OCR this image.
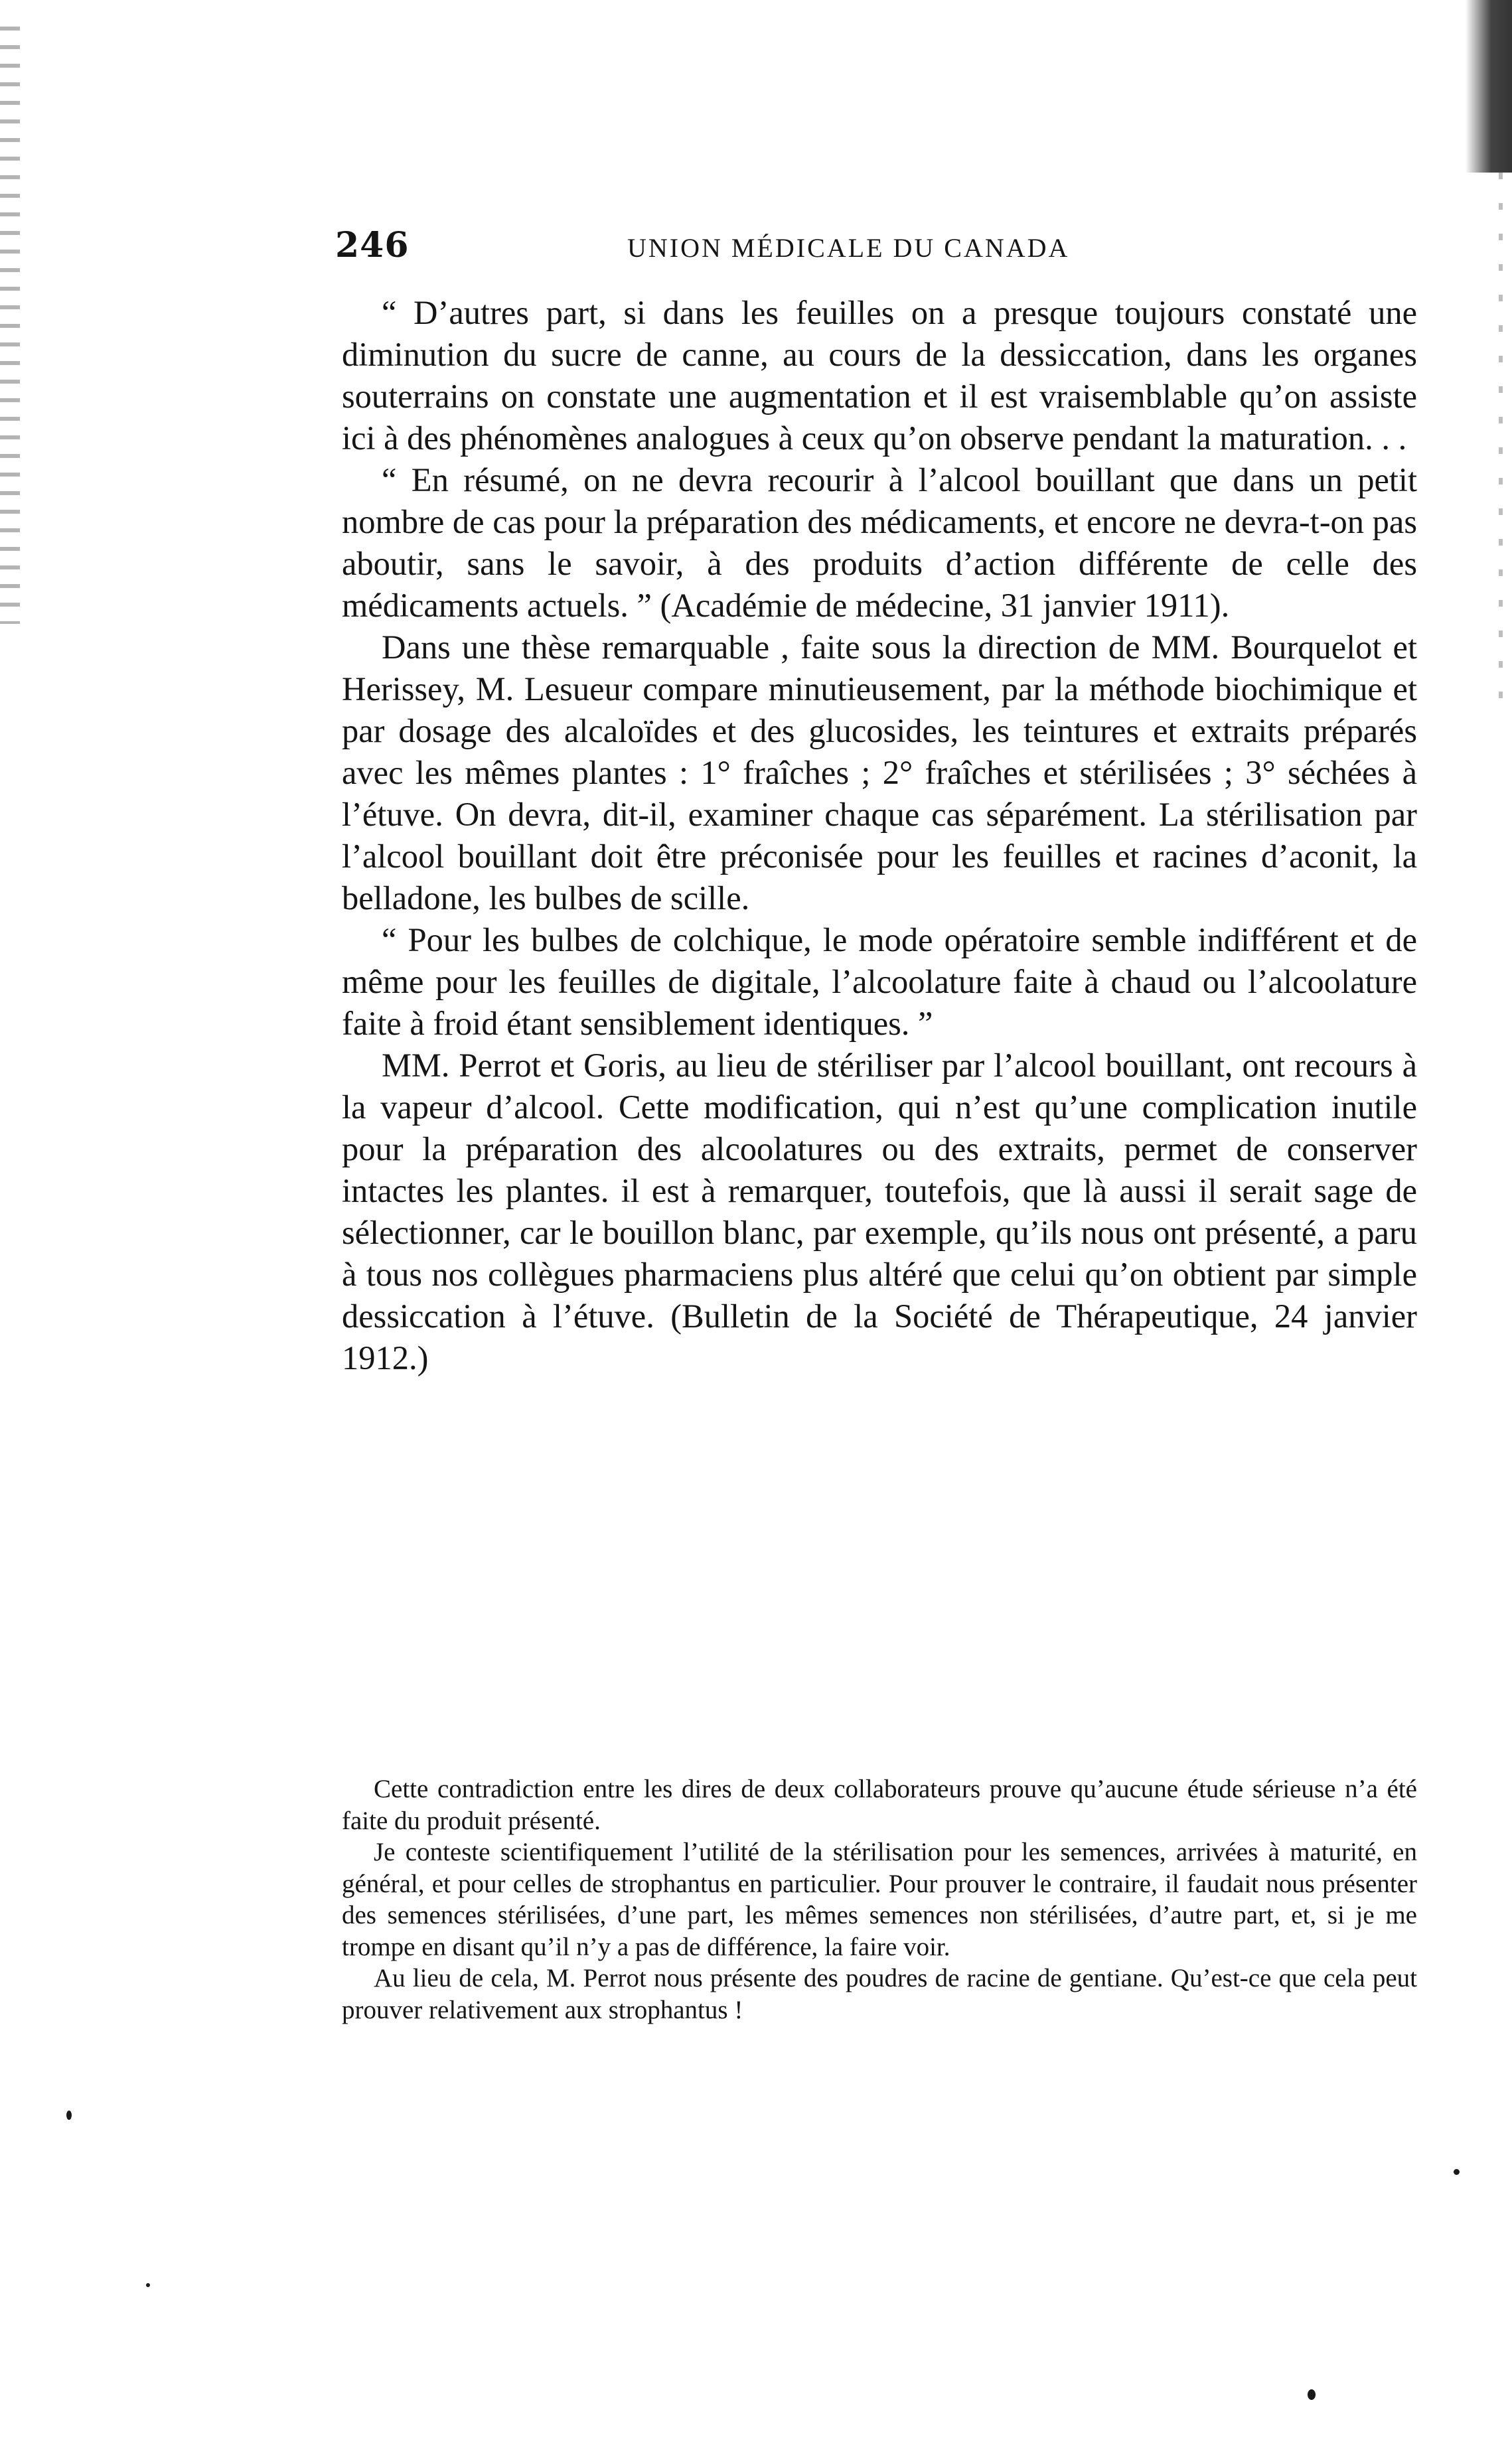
246	UNION MÉDICALE DU CANADA

“ D’autres part, si dans les feuilles on a presque toujours constaté une diminution du sucre de canne, au cours de la dessiccation, dans les organes souterrains on constate une augmentation et il est vraisemblable qu’on assiste ici à des phénomènes analogues à ceux qu’on observe pendant la maturation. . .

“ En résumé, on ne devra recourir à l’alcool bouillant que dans un petit nombre de cas pour la préparation des médicaments, et encore ne devra-t-on pas aboutir, sans le savoir, à des produits d’action différente de celle des médicaments actuels. ” (Académie de médecine, 31 janvier 1911).

Dans une thèse remarquable , faite sous la direction de MM. Bourquelot et Herissey, M. Lesueur compare minutieusement, par la méthode biochimique et par dosage des alcaloïdes et des glucosides, les teintures et extraits préparés avec les mêmes plantes : 1° fraîches ; 2° fraîches et stérilisées ; 3° séchées à l’étuve. On devra, dit-il, examiner chaque cas séparément. La stérilisation par l’alcool bouillant doit être préconisée pour les feuilles et racines d’aconit, la belladone, les bulbes de scille.

“ Pour les bulbes de colchique, le mode opératoire semble indifférent et de même pour les feuilles de digitale, l’alcoolature faite à chaud ou l’alcoolature faite à froid étant sensiblement identiques. ”

MM. Perrot et Goris, au lieu de stériliser par l’alcool bouillant, ont recours à la vapeur d’alcool. Cette modification, qui n’est qu’une complication inutile pour la préparation des alcoolatures ou des extraits, permet de conserver intactes les plantes. il est à remarquer, toutefois, que là aussi il serait sage de sélectionner, car le bouillon blanc, par exemple, qu’ils nous ont présenté, a paru à tous nos collègues pharmaciens plus altéré que celui qu’on obtient par simple dessiccation à l’étuve. (Bulletin de la Société de Thérapeutique, 24 janvier 1912.)

Cette contradiction entre les dires de deux collaborateurs prouve qu’aucune étude sérieuse n’a été faite du produit présenté.

Je conteste scientifiquement l’utilité de la stérilisation pour les semences, arrivées à maturité, en général, et pour celles de strophantus en particulier. Pour prouver le contraire, il faudait nous présenter des semences stérilisées, d’une part, les mêmes semences non stérilisées, d’autre part, et, si je me trompe en disant qu’il n’y a pas de différence, la faire voir.

Au lieu de cela, M. Perrot nous présente des poudres de racine de gentiane. Qu’est-ce que cela peut prouver relativement aux strophantus !
